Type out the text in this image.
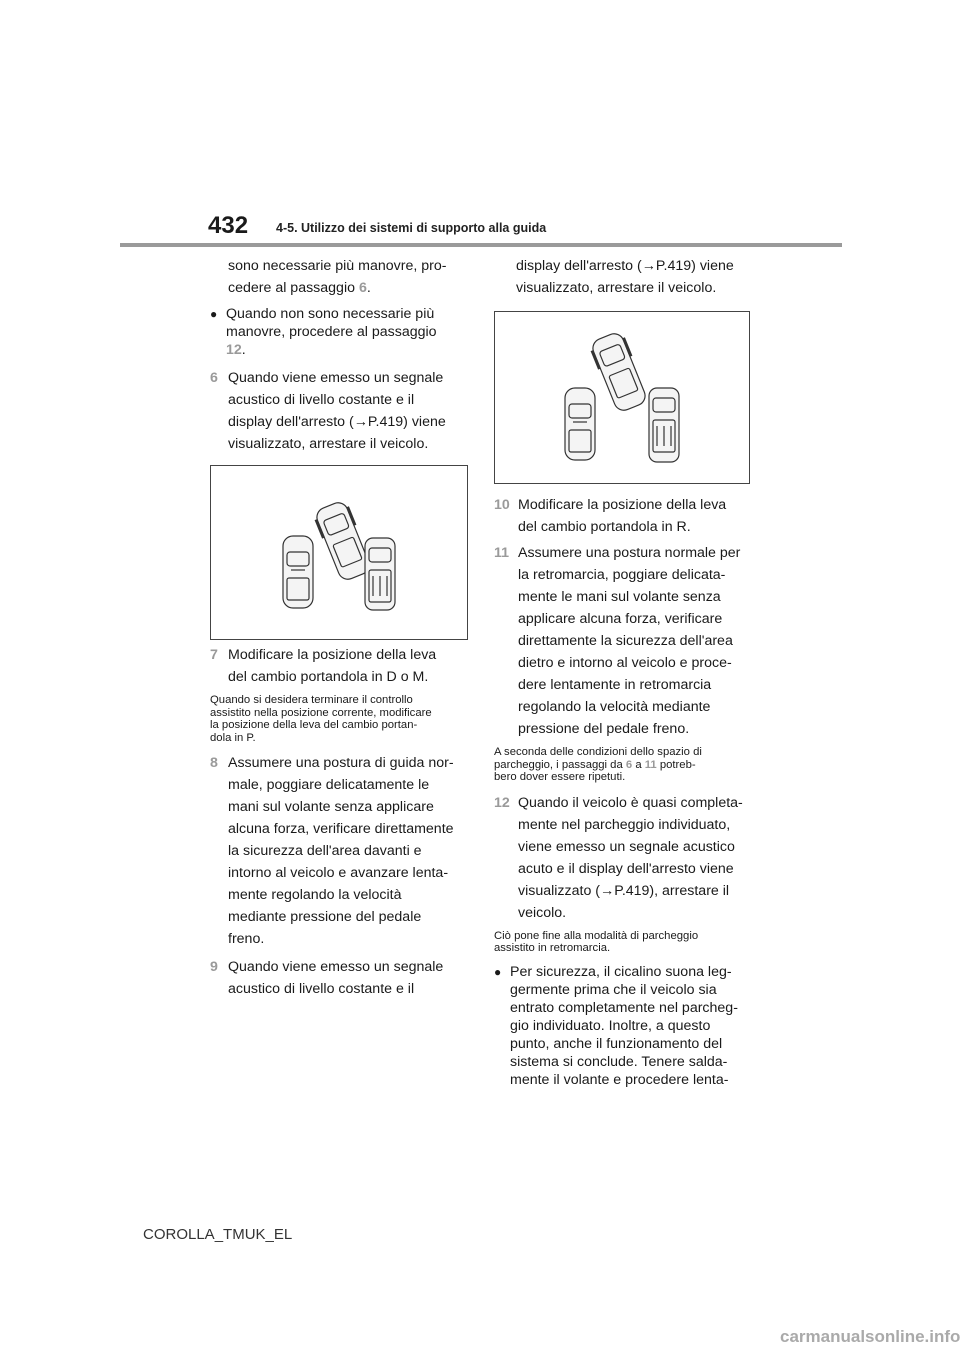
432 4-5. Utilizzo dei sistemi di supporto alla guida
sono necessarie più manovre, pro-
cedere al passaggio 6.
● Quando non sono necessarie più
manovre, procedere al passaggio
12.
6 Quando viene emesso un segnale
acustico di livello costante e il
display dell'arresto (→P.419) viene
visualizzato, arrestare il veicolo.
7 Modificare la posizione della leva
del cambio portandola in D o M.
Quando si desidera terminare il controllo
assistito nella posizione corrente, modificare
la posizione della leva del cambio portan-
dola in P.
8 Assumere una postura di guida nor-
male, poggiare delicatamente le
mani sul volante senza applicare
alcuna forza, verificare direttamente
la sicurezza dell'area davanti e
intorno al veicolo e avanzare lenta-
mente regolando la velocità
mediante pressione del pedale
freno.
9 Quando viene emesso un segnale
acustico di livello costante e il
display dell'arresto (→P.419) viene
visualizzato, arrestare il veicolo.
10 Modificare la posizione della leva
del cambio portandola in R.
11 Assumere una postura normale per
la retromarcia, poggiare delicata-
mente le mani sul volante senza
applicare alcuna forza, verificare
direttamente la sicurezza dell'area
dietro e intorno al veicolo e proce-
dere lentamente in retromarcia
regolando la velocità mediante
pressione del pedale freno.
A seconda delle condizioni dello spazio di
parcheggio, i passaggi da 6 a 11 potreb-
bero dover essere ripetuti.
12 Quando il veicolo è quasi completa-
mente nel parcheggio individuato,
viene emesso un segnale acustico
acuto e il display dell'arresto viene
visualizzato (→P.419), arrestare il
veicolo.
Ciò pone fine alla modalità di parcheggio
assistito in retromarcia.
● Per sicurezza, il cicalino suona leg-
germente prima che il veicolo sia
entrato completamente nel parcheg-
gio individuato. Inoltre, a questo
punto, anche il funzionamento del
sistema si conclude. Tenere salda-
mente il volante e procedere lenta-
COROLLA_TMUK_EL
carmanualsonline.info
